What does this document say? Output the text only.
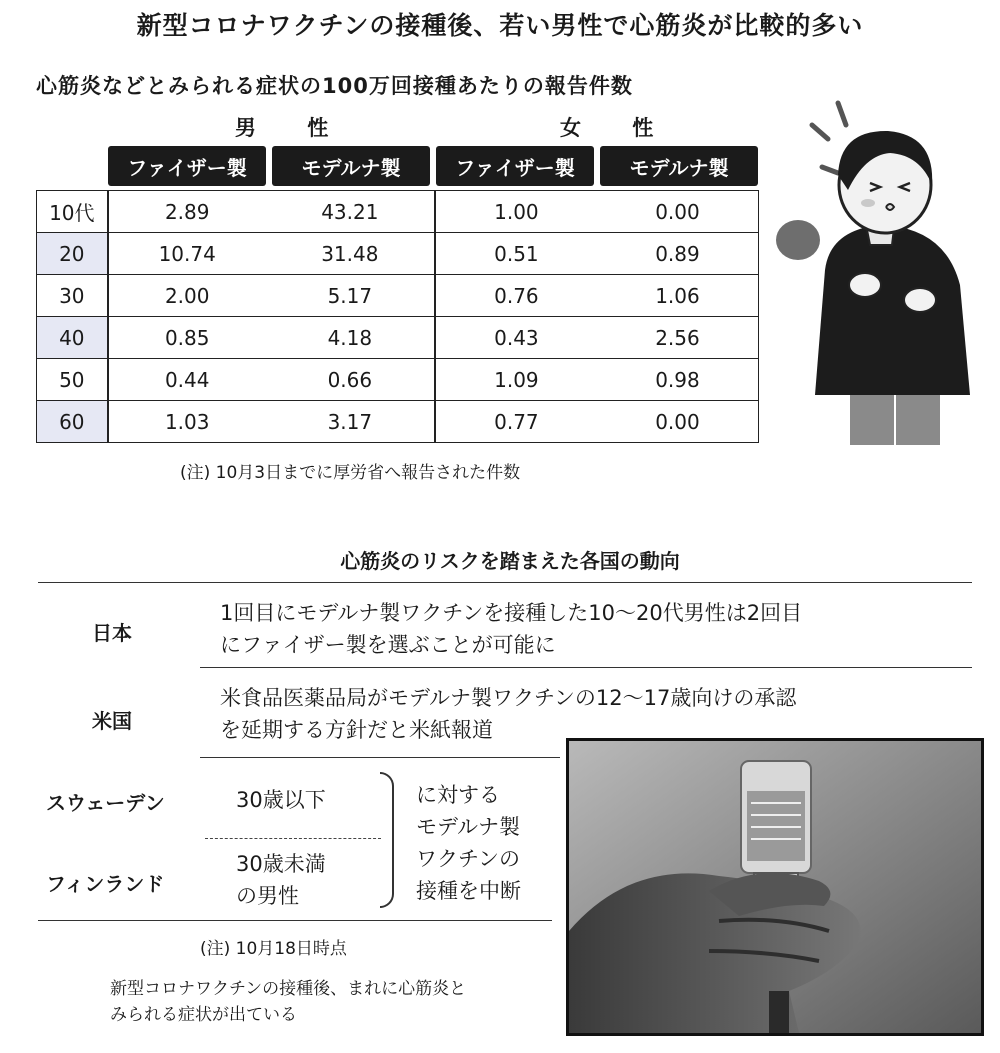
新型コロナワクチンの接種後、若い男性で心筋炎が比較的多い
心筋炎などとみられる症状の100万回接種あたりの報告件数
男 性	女 性
ファイザー製	モデルナ製	ファイザー製	モデルナ製
10代	2.89	43.21	1.00	0.00
20	10.74	31.48	0.51	0.89
30	2.00	5.17	0.76	1.06
40	0.85	4.18	0.43	2.56
50	0.44	0.66	1.09	0.98
60	1.03	3.17	0.77	0.00
(注) 10月3日までに厚労省へ報告された件数
心筋炎のリスクを踏まえた各国の動向
日本
1回目にモデルナ製ワクチンを接種した10～20代男性は2回目
にファイザー製を選ぶことが可能に
米国
米食品医薬品局がモデルナ製ワクチンの12～17歳向けの承認
を延期する方針だと米紙報道
スウェーデン	30歳以下
フィンランド
30歳未満
の男性
に対する
モデルナ製
ワクチンの
接種を中断
(注) 10月18日時点
新型コロナワクチンの接種後、まれに心筋炎と
みられる症状が出ている
